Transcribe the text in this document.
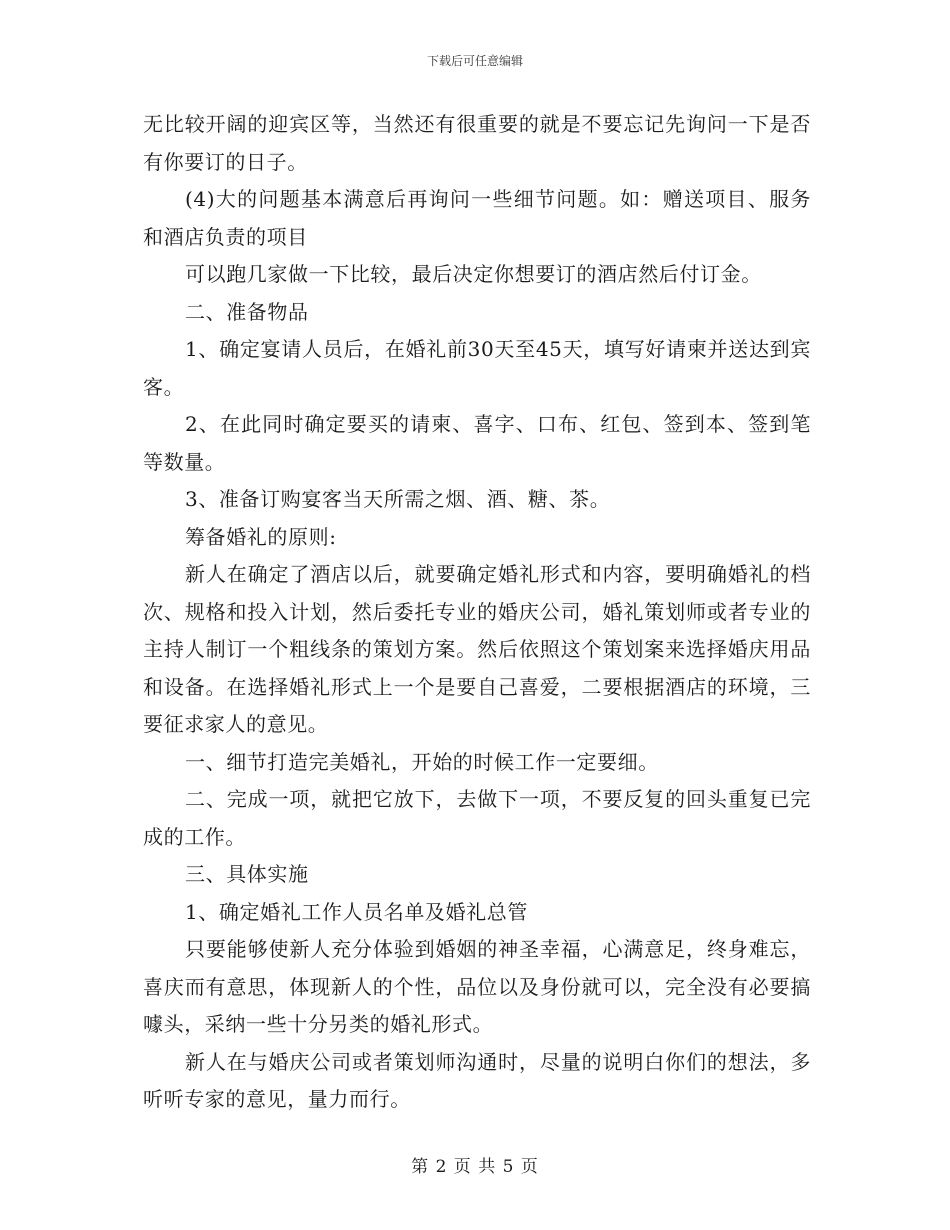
下载后可任意编辑

无比较开阔的迎宾区等，当然还有很重要的就是不要忘记先询问一下是否有你要订的日子。

(4)大的问题基本满意后再询问一些细节问题。如：赠送项目、服务和酒店负责的项目

可以跑几家做一下比较，最后决定你想要订的酒店然后付订金。

二、准备物品

1、确定宴请人员后，在婚礼前30天至45天，填写好请柬并送达到宾客。

2、在此同时确定要买的请柬、喜字、口布、红包、签到本、签到笔等数量。

3、准备订购宴客当天所需之烟、酒、糖、茶。

筹备婚礼的原则:

新人在确定了酒店以后，就要确定婚礼形式和内容，要明确婚礼的档次、规格和投入计划，然后委托专业的婚庆公司，婚礼策划师或者专业的主持人制订一个粗线条的策划方案。然后依照这个策划案来选择婚庆用品和设备。在选择婚礼形式上一个是要自己喜爱，二要根据酒店的环境，三要征求家人的意见。

一、细节打造完美婚礼，开始的时候工作一定要细。

二、完成一项，就把它放下，去做下一项，不要反复的回头重复已完成的工作。

三、具体实施

1、确定婚礼工作人员名单及婚礼总管

只要能够使新人充分体验到婚姻的神圣幸福，心满意足，终身难忘，喜庆而有意思，体现新人的个性，品位以及身份就可以，完全没有必要搞噱头，采纳一些十分另类的婚礼形式。

新人在与婚庆公司或者策划师沟通时，尽量的说明白你们的想法，多听听专家的意见，量力而行。

第 2 页 共 5 页
